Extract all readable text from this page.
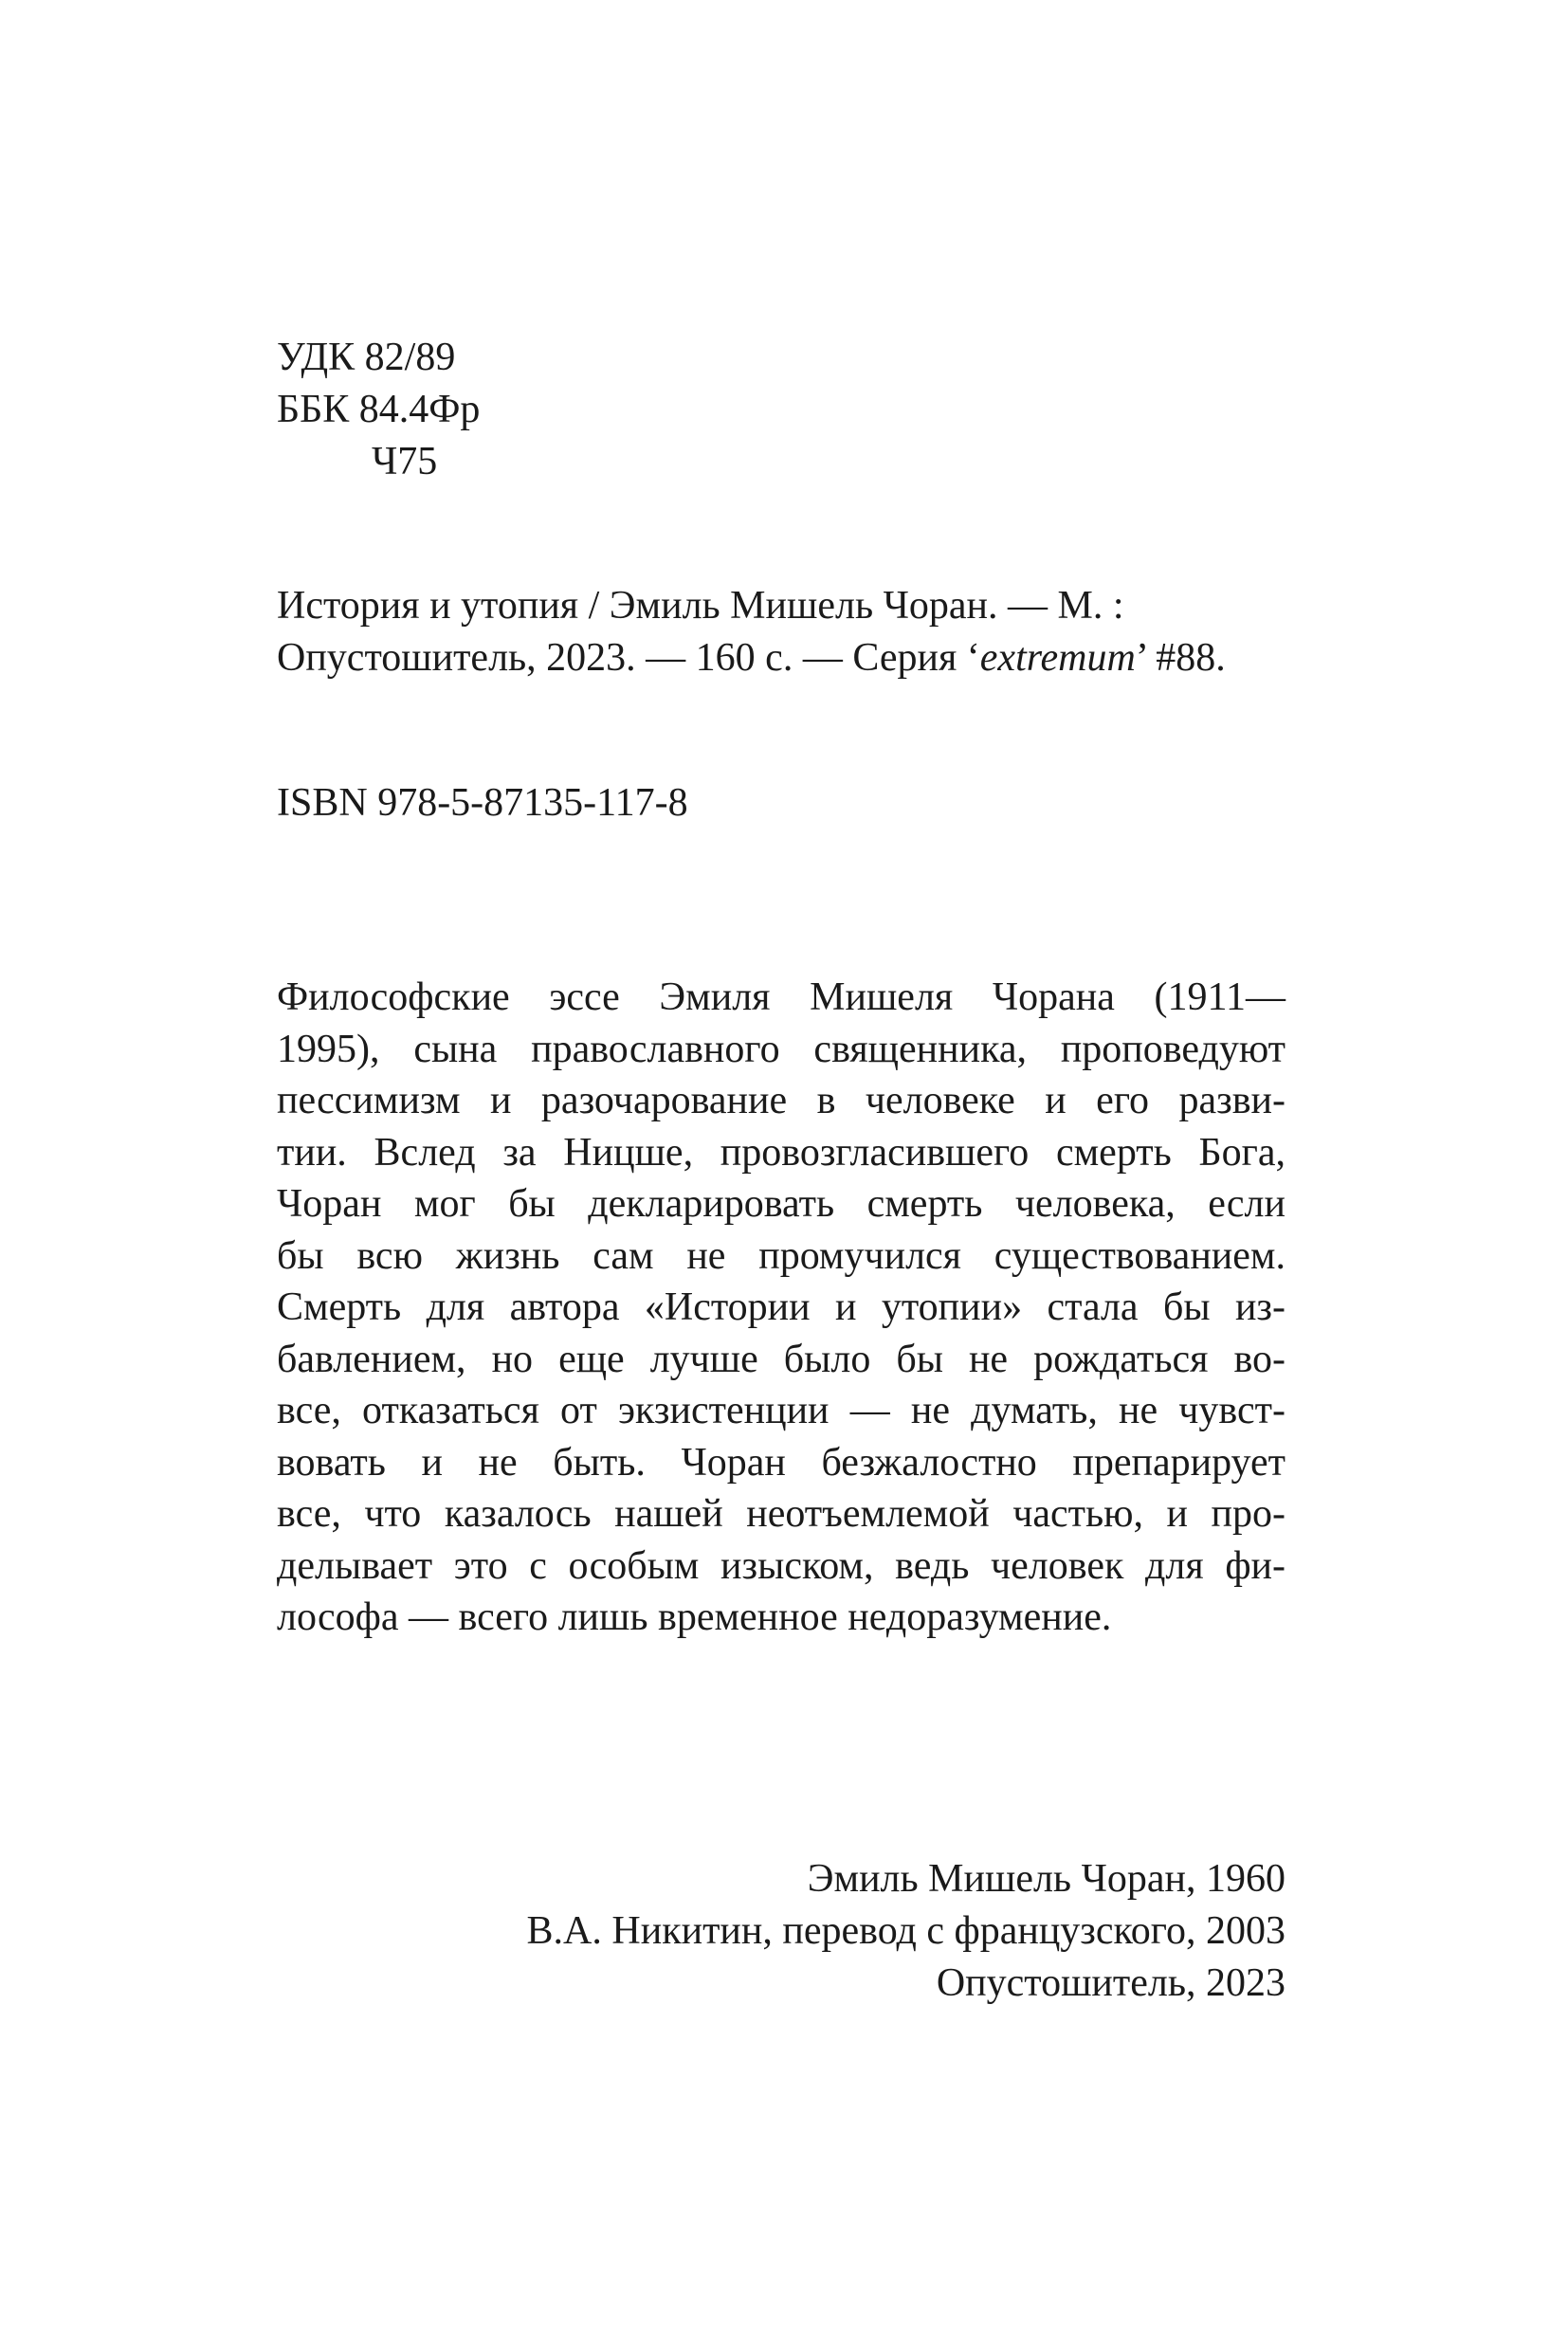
УДК 82/89
ББК 84.4Фр
Ч75
История и утопия / Эмиль Мишель Чоран. — М. :
Опустошитель, 2023. — 160 с. — Серия ‘extremum’ #88.
ISBN 978-5-87135-117-8
Философские эссе Эмиля Мишеля Чорана (1911—
1995), сына православного священника, проповедуют
пессимизм и разочарование в человеке и его разви-
тии. Вслед за Ницше, провозгласившего смерть Бога,
Чоран мог бы декларировать смерть человека, если
бы всю жизнь сам не промучился существованием.
Смерть для автора «Истории и утопии» стала бы из-
бавлением, но еще лучше было бы не рождаться во-
все, отказаться от экзистенции — не думать, не чувст-
вовать и не быть. Чоран безжалостно препарирует
все, что казалось нашей неотъемлемой частью, и про-
делывает это с особым изыском, ведь человек для фи-
лософа — всего лишь временное недоразумение.
Эмиль Мишель Чоран, 1960
В.А. Никитин, перевод с французского, 2003
Опустошитель, 2023
